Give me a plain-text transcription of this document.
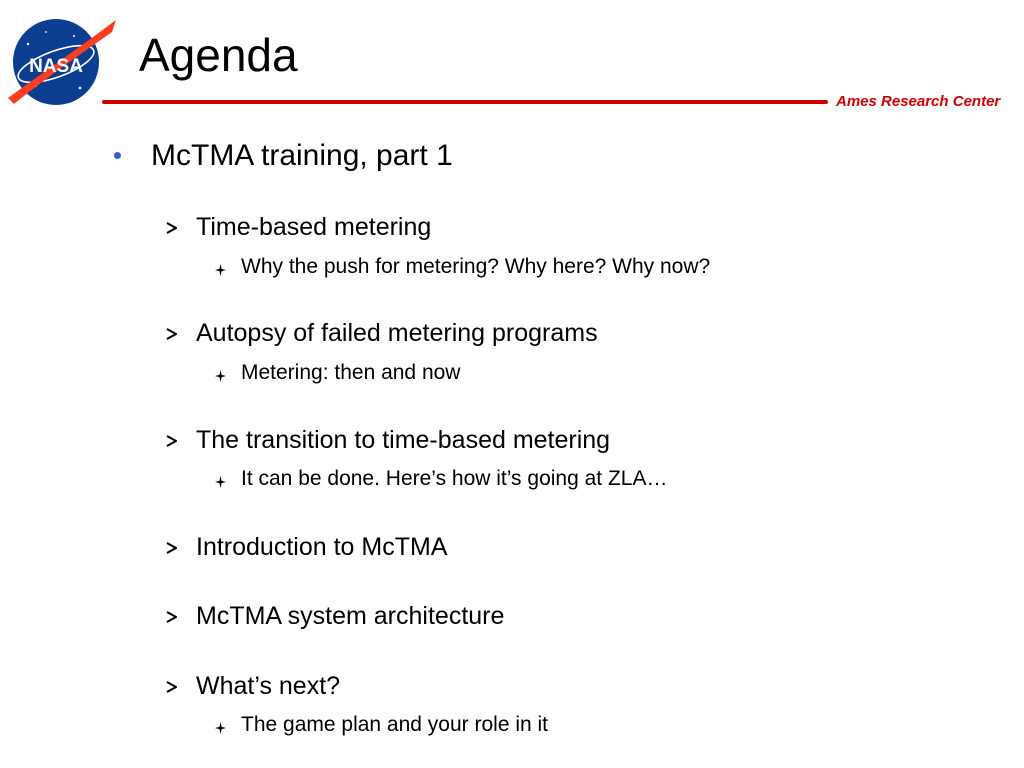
NASA Agenda
Ames Research Center
McTMA training, part 1
Time-based metering
Why the push for metering? Why here? Why now?
Autopsy of failed metering programs
Metering: then and now
The transition to time-based metering
It can be done. Here’s how it’s going at ZLA…
Introduction to McTMA
McTMA system architecture
What’s next?
The game plan and your role in it
